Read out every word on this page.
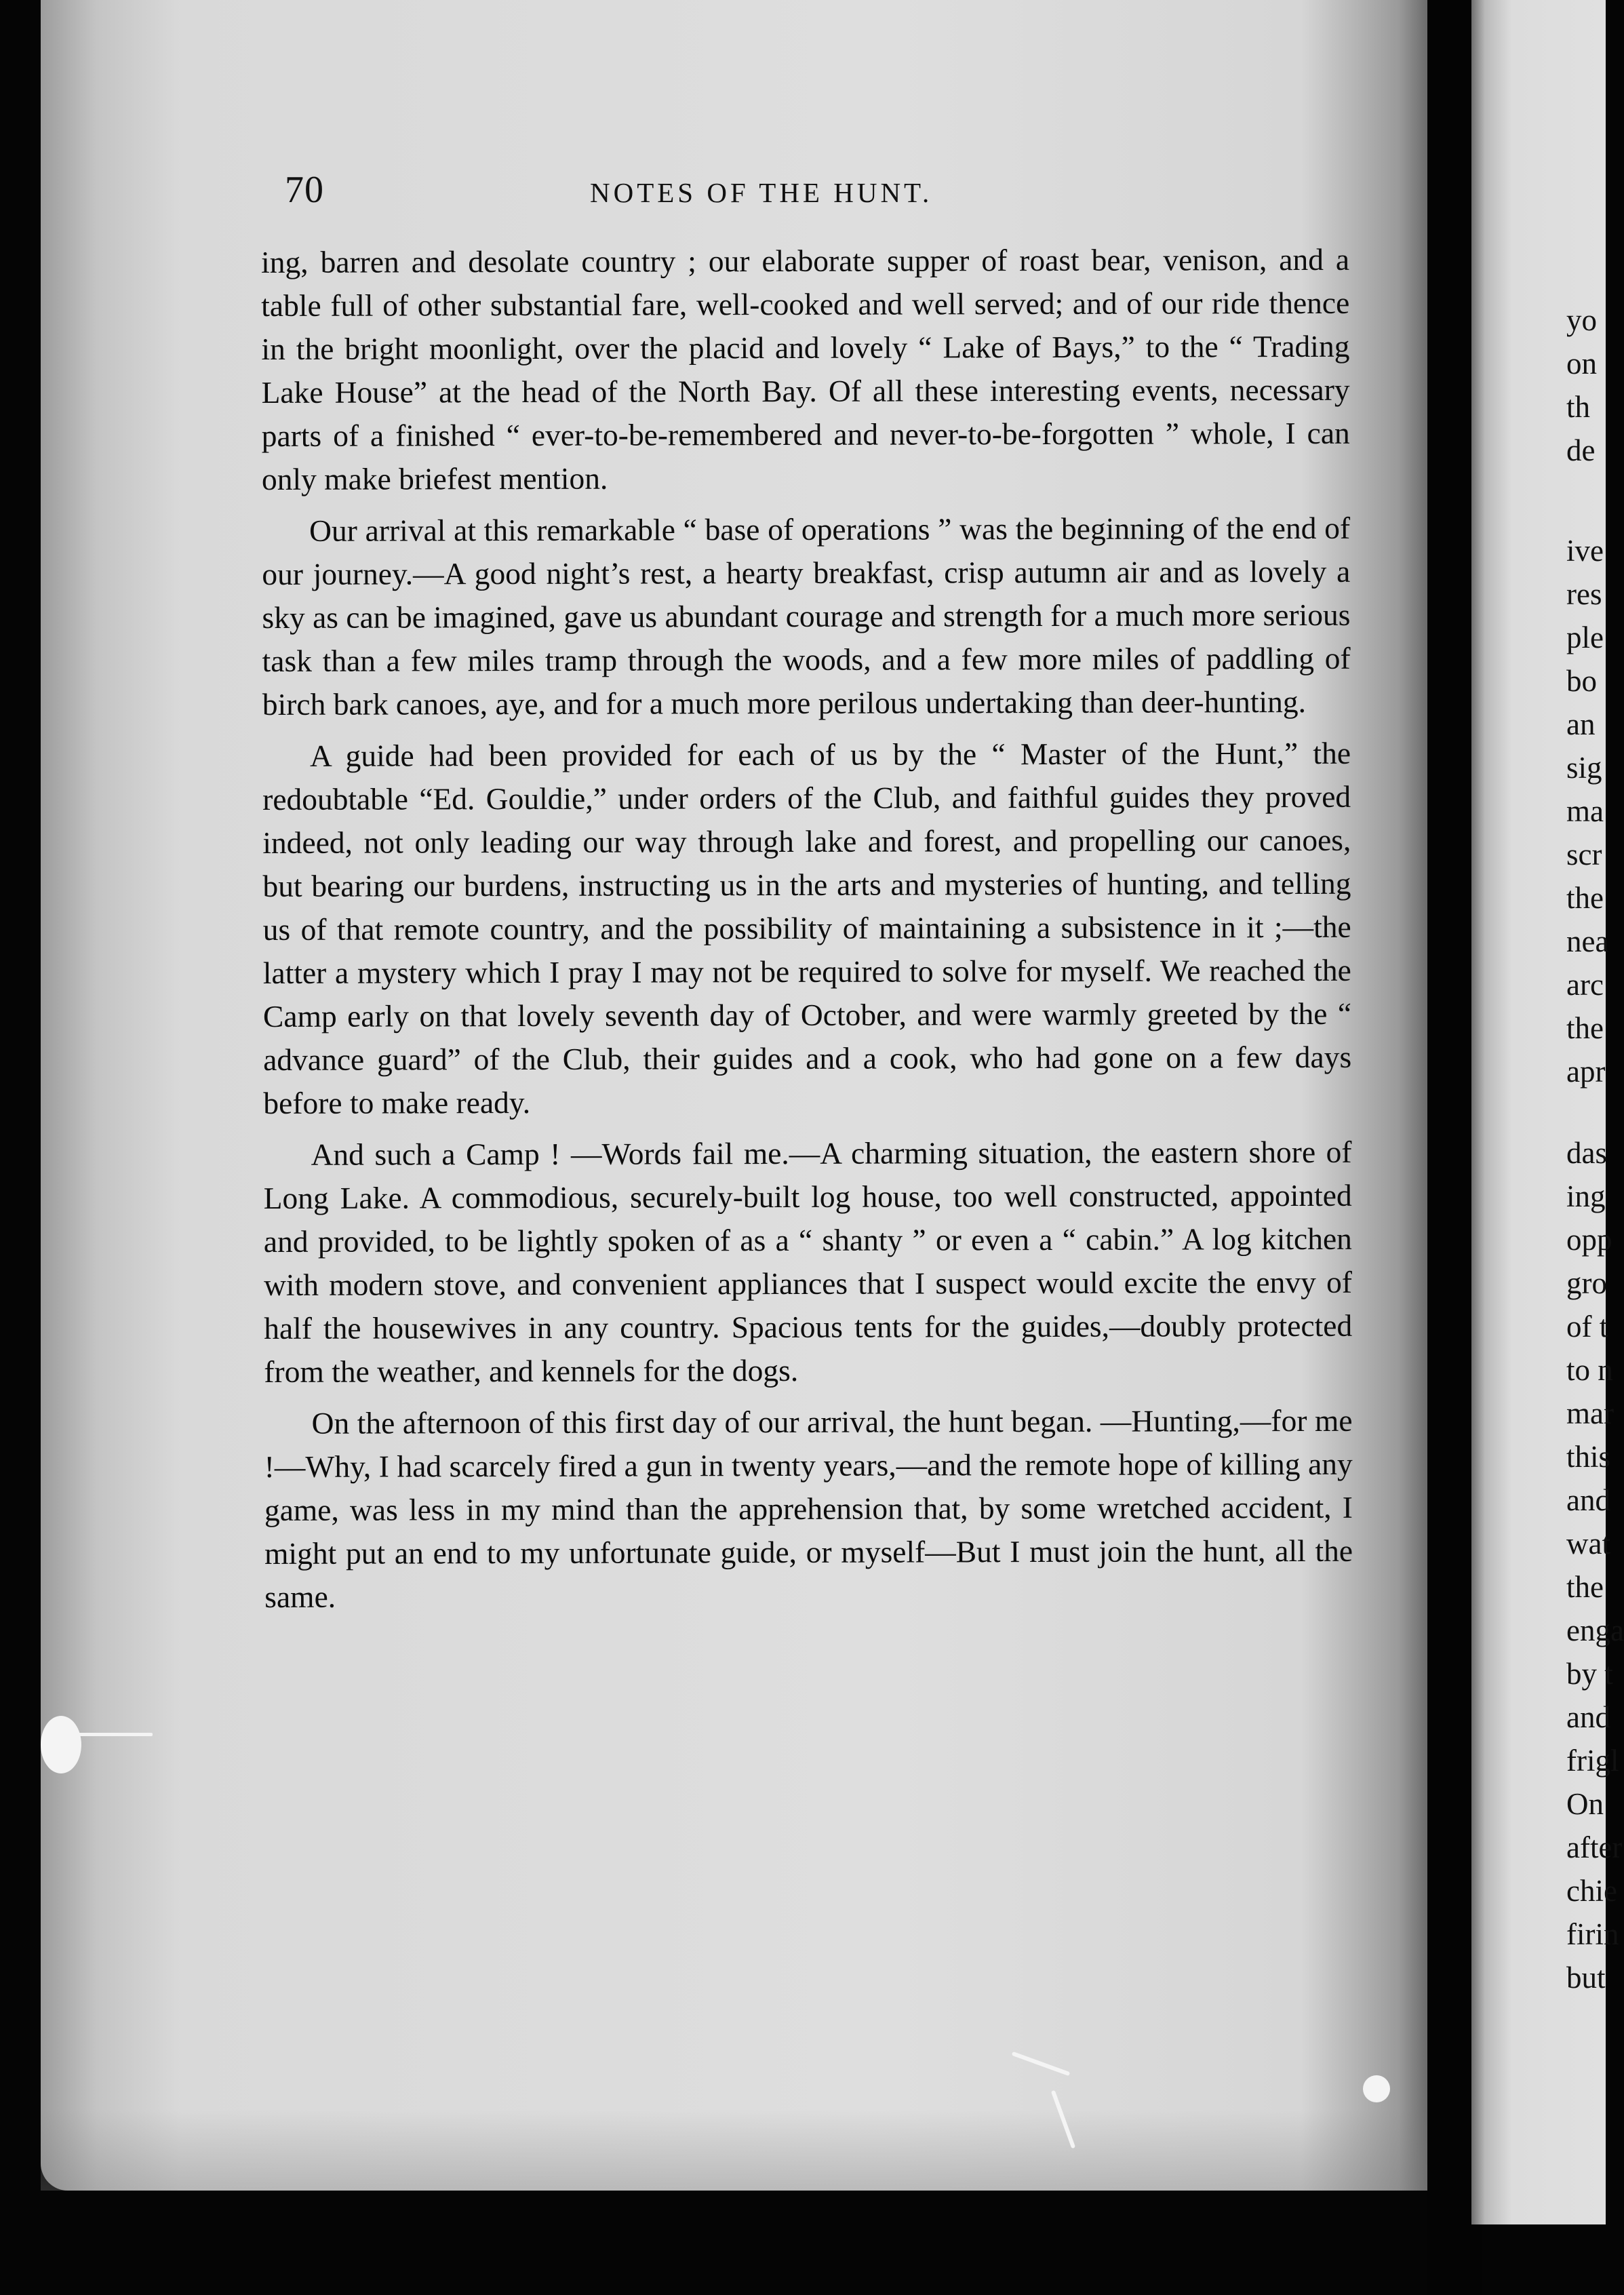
70	NOTES OF THE HUNT.

ing, barren and desolate country ; our elaborate supper of roast bear, venison, and a table full of other substantial fare, well-cooked and well served; and of our ride thence in the bright moonlight, over the placid and lovely “ Lake of Bays,” to the “ Trading Lake House” at the head of the North Bay. Of all these interesting events, necessary parts of a finished “ ever-to-be-remembered and never-to-be-forgotten ” whole, I can only make briefest mention.

Our arrival at this remarkable “ base of operations ” was the beginning of the end of our journey.—A good night’s rest, a hearty breakfast, crisp autumn air and as lovely a sky as can be imagined, gave us abundant courage and strength for a much more serious task than a few miles tramp through the woods, and a few more miles of paddling of birch bark canoes, aye, and for a much more perilous undertaking than deer-hunting.

A guide had been provided for each of us by the “ Master of the Hunt,” the redoubtable “Ed. Gouldie,” under orders of the Club, and faithful guides they proved indeed, not only leading our way through lake and forest, and propelling our canoes, but bearing our burdens, instructing us in the arts and mysteries of hunting, and telling us of that remote country, and the possibility of maintaining a subsistence in it ;—the latter a mystery which I pray I may not be required to solve for myself. We reached the Camp early on that lovely seventh day of October, and were warmly greeted by the “ advance guard” of the Club, their guides and a cook, who had gone on a few days before to make ready.

And such a Camp ! —Words fail me.—A charming situation, the eastern shore of Long Lake. A commodious, securely-built log house, too well constructed, appointed and provided, to be lightly spoken of as a “ shanty ” or even a “ cabin.” A log kitchen with modern stove, and convenient appliances that I suspect would excite the envy of half the housewives in any country. Spacious tents for the guides,—doubly protected from the weather, and kennels for the dogs.

On the afternoon of this first day of our arrival, the hunt began. —Hunting,—for me !—Why, I had scarcely fired a gun in twenty years,—and the remote hope of killing any game, was less in my mind than the apprehension that, by some wretched accident, I might put an end to my unfortunate guide, or myself—But I must join the hunt, all the same.

yo
on
th
de
ive
res
ple
bo
an
sig
ma
scr
the
nea
arc
the
apr
das
ing
opp
gro
of t
to n
mar
this
and
wat
the
enga
by t
and
frigl
On
after
chie
firin
but
